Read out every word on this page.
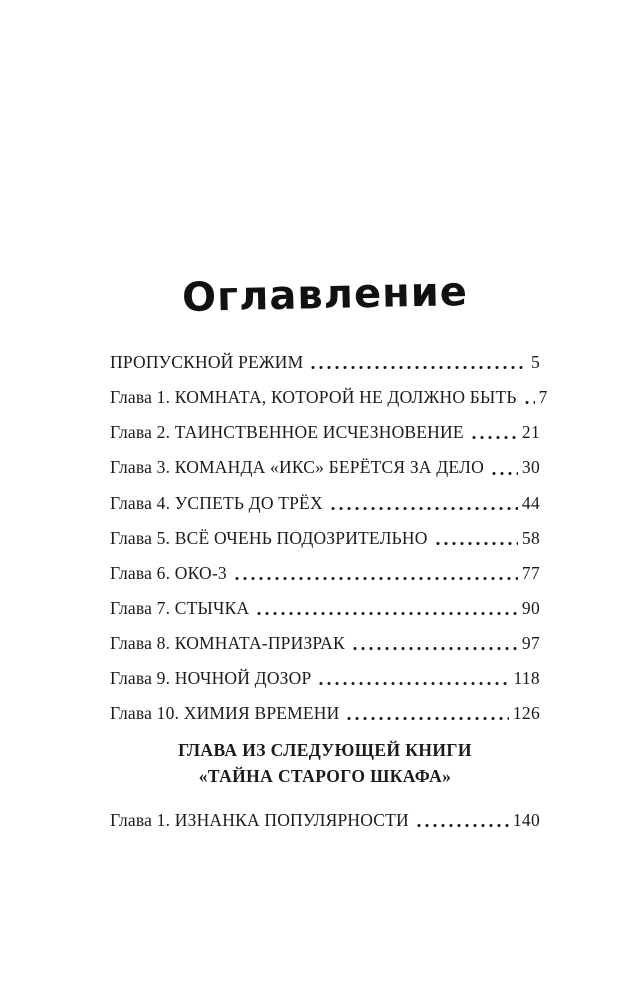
Оглавление
ПРОПУСКНОЙ РЕЖИМ	5
Глава 1. КОМНАТА, КОТОРОЙ НЕ ДОЛЖНО БЫТЬ 7
Глава 2. ТАИНСТВЕННОЕ ИСЧЕЗНОВЕНИЕ	21
Глава 3. КОМАНДА «ИКС» БЕРЁТСЯ ЗА ДЕЛО 30
Глава 4. УСПЕТЬ ДО ТРЁХ	44
Глава 5. ВСЁ ОЧЕНЬ ПОДОЗРИТЕЛЬНО	58
Глава 6. ОКО-3	77
Глава 7. СТЫЧКА	90
Глава 8. КОМНАТА-ПРИЗРАК	97
Глава 9. НОЧНОЙ ДОЗОР	118
Глава 10. ХИМИЯ ВРЕМЕНИ	126
ГЛАВА ИЗ СЛЕДУЮЩЕЙ КНИГИ
«ТАЙНА СТАРОГО ШКАФА»
Глава 1. ИЗНАНКА ПОПУЛЯРНОСТИ	140
